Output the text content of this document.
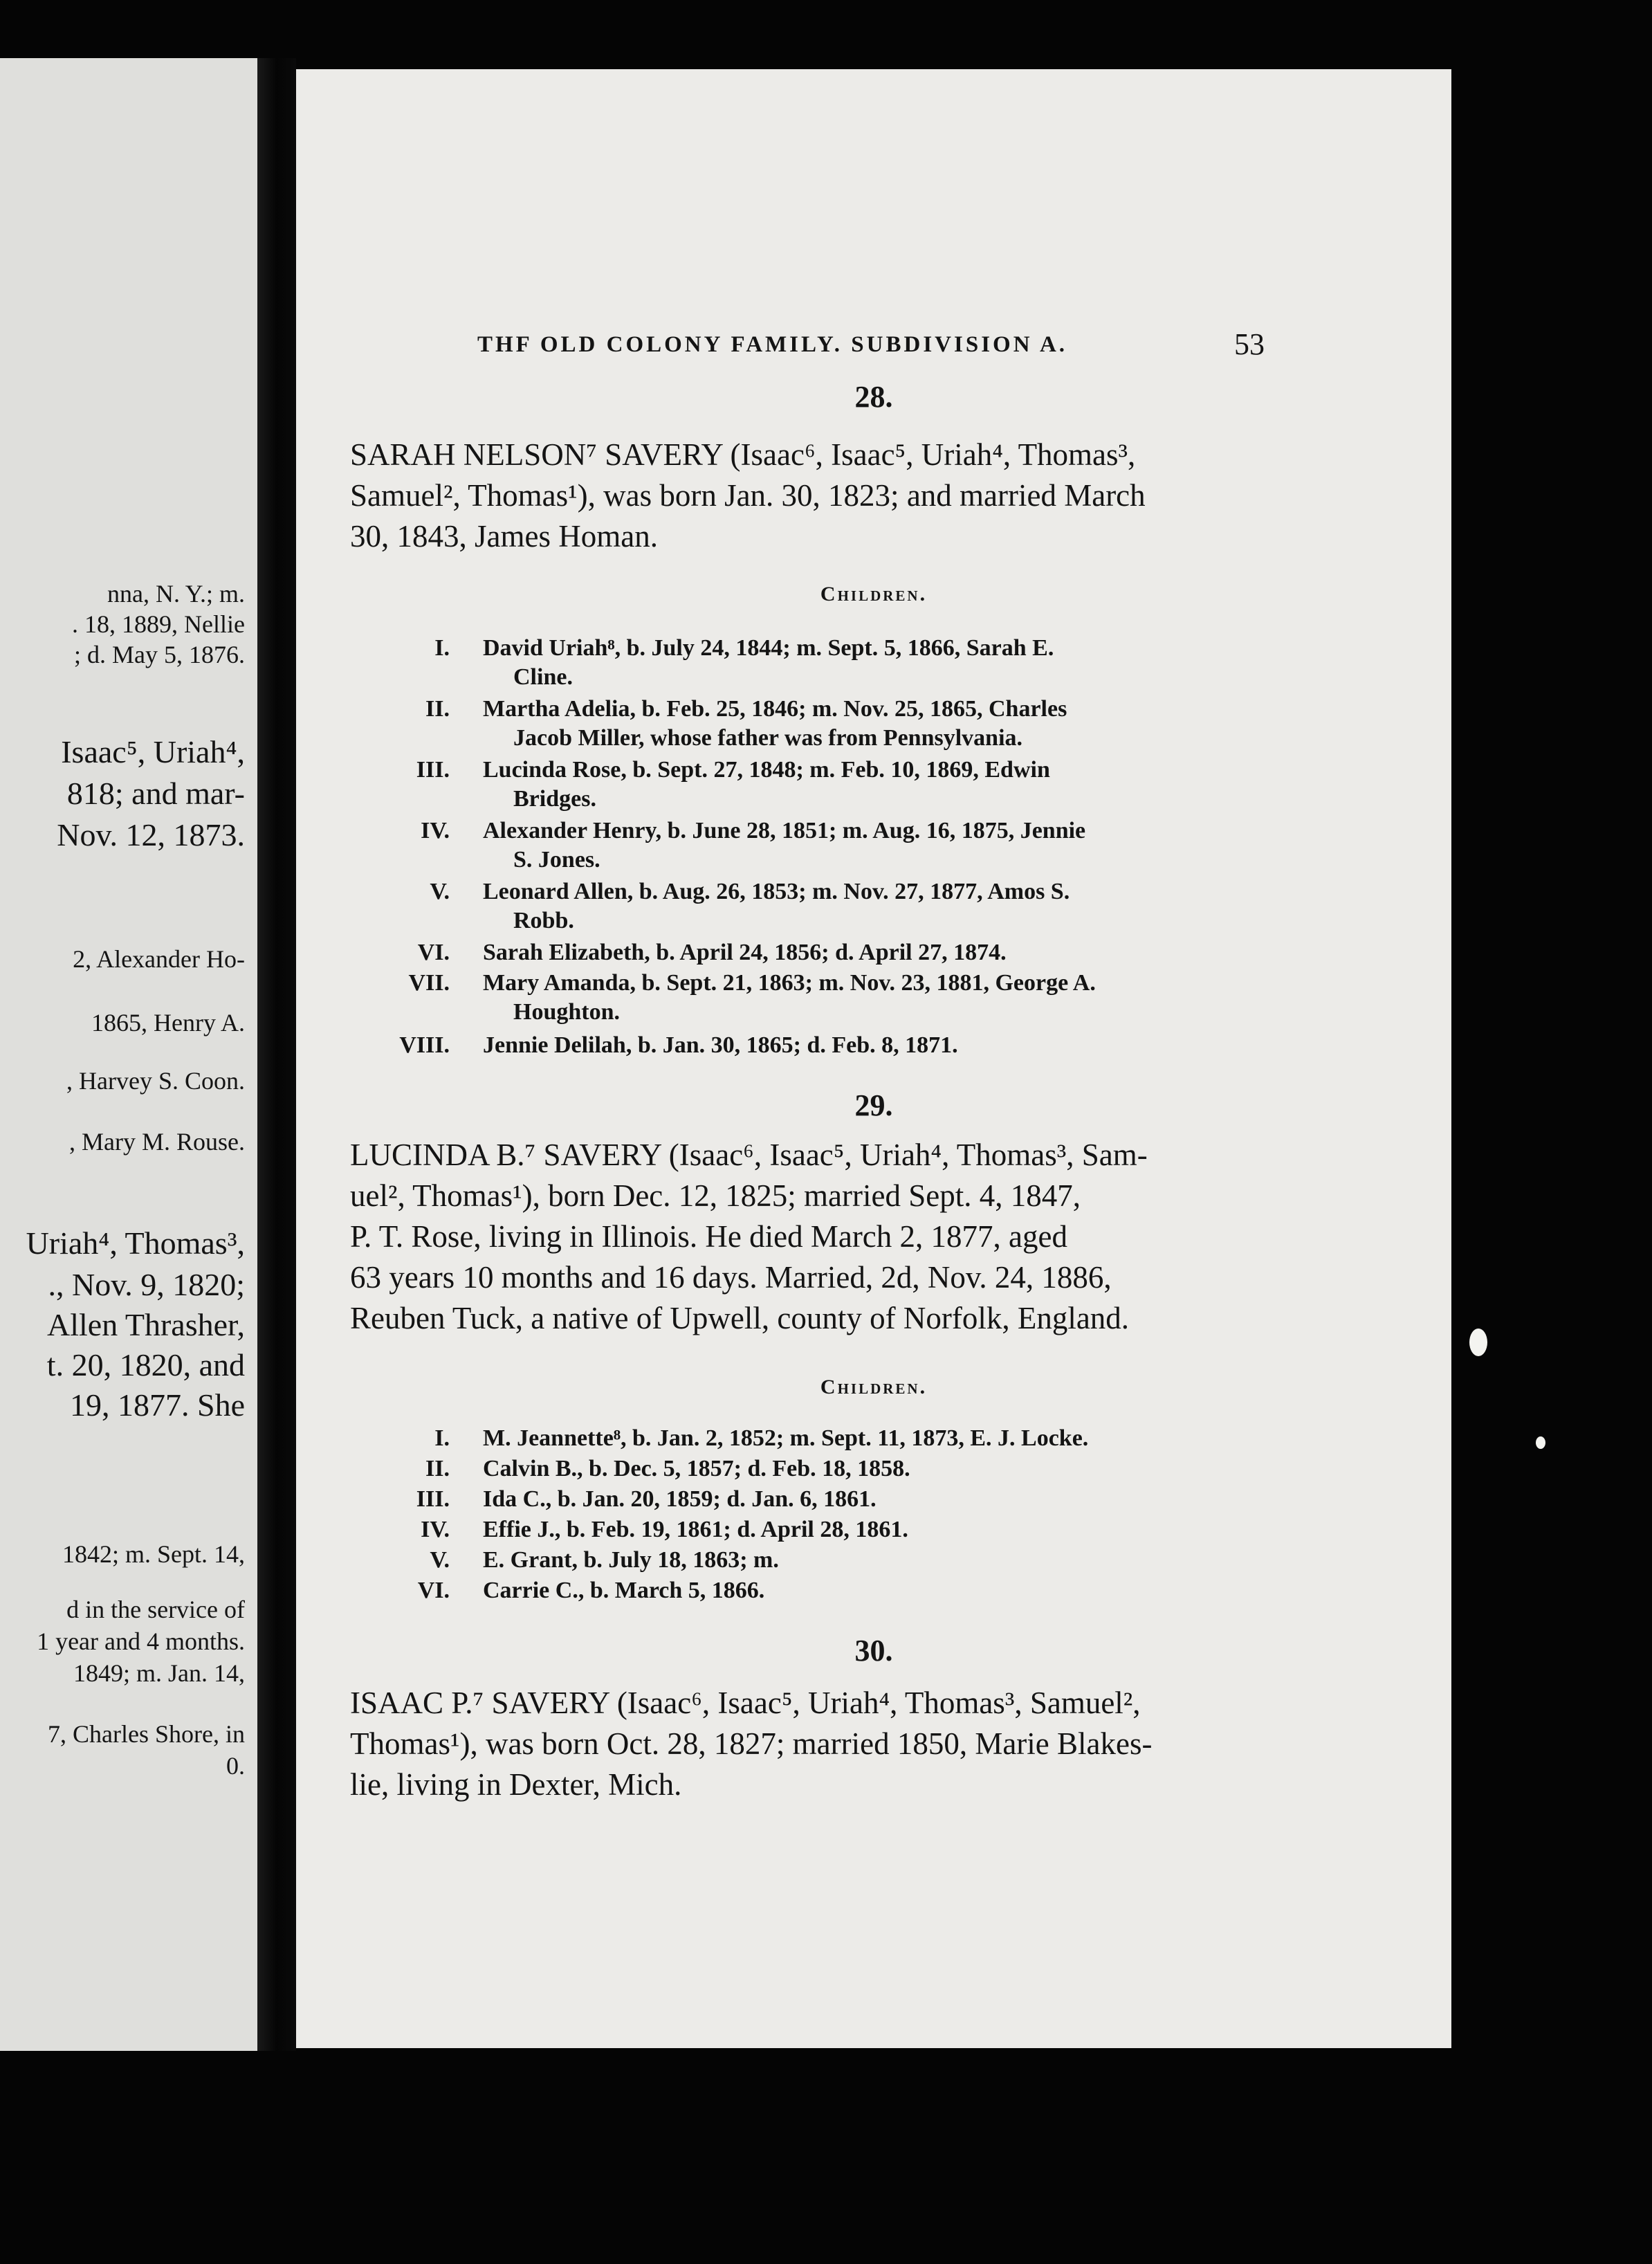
nna, N. Y.; m.
. 18, 1889, Nellie
; d. May 5, 1876.
Isaac⁵, Uriah⁴,
818; and mar-
Nov. 12, 1873.
2, Alexander Ho-
1865, Henry A.
, Harvey S. Coon.
, Mary M. Rouse.
Uriah⁴, Thomas³,
., Nov. 9, 1820;
Allen Thrasher,
t. 20, 1820, and
19, 1877. She
1842; m. Sept. 14,
d in the service of
1 year and 4 months.
1849; m. Jan. 14,
7, Charles Shore, in
0.
THF OLD COLONY FAMILY. SUBDIVISION A.	53
28.
SARAH NELSON⁷ SAVERY (Isaac⁶, Isaac⁵, Uriah⁴, Thomas³,
Samuel², Thomas¹), was born Jan. 30, 1823; and married March
30, 1843, James Homan.
Children.
I. David Uriah⁸, b. July 24, 1844; m. Sept. 5, 1866, Sarah E.
Cline.
II. Martha Adelia, b. Feb. 25, 1846; m. Nov. 25, 1865, Charles
Jacob Miller, whose father was from Pennsylvania.
III. Lucinda Rose, b. Sept. 27, 1848; m. Feb. 10, 1869, Edwin
Bridges.
IV. Alexander Henry, b. June 28, 1851; m. Aug. 16, 1875, Jennie
S. Jones.
V. Leonard Allen, b. Aug. 26, 1853; m. Nov. 27, 1877, Amos S.
Robb.
VI. Sarah Elizabeth, b. April 24, 1856; d. April 27, 1874.
VII. Mary Amanda, b. Sept. 21, 1863; m. Nov. 23, 1881, George A.
Houghton.
VIII. Jennie Delilah, b. Jan. 30, 1865; d. Feb. 8, 1871.
29.
LUCINDA B.⁷ SAVERY (Isaac⁶, Isaac⁵, Uriah⁴, Thomas³, Sam-
uel², Thomas¹), born Dec. 12, 1825; married Sept. 4, 1847,
P. T. Rose, living in Illinois. He died March 2, 1877, aged
63 years 10 months and 16 days. Married, 2d, Nov. 24, 1886,
Reuben Tuck, a native of Upwell, county of Norfolk, England.
Children.
I. M. Jeannette⁸, b. Jan. 2, 1852; m. Sept. 11, 1873, E. J. Locke.
II. Calvin B., b. Dec. 5, 1857; d. Feb. 18, 1858.
III. Ida C., b. Jan. 20, 1859; d. Jan. 6, 1861.
IV. Effie J., b. Feb. 19, 1861; d. April 28, 1861.
V. E. Grant, b. July 18, 1863; m.
VI. Carrie C., b. March 5, 1866.
30.
ISAAC P.⁷ SAVERY (Isaac⁶, Isaac⁵, Uriah⁴, Thomas³, Samuel²,
Thomas¹), was born Oct. 28, 1827; married 1850, Marie Blakes-
lie, living in Dexter, Mich.
